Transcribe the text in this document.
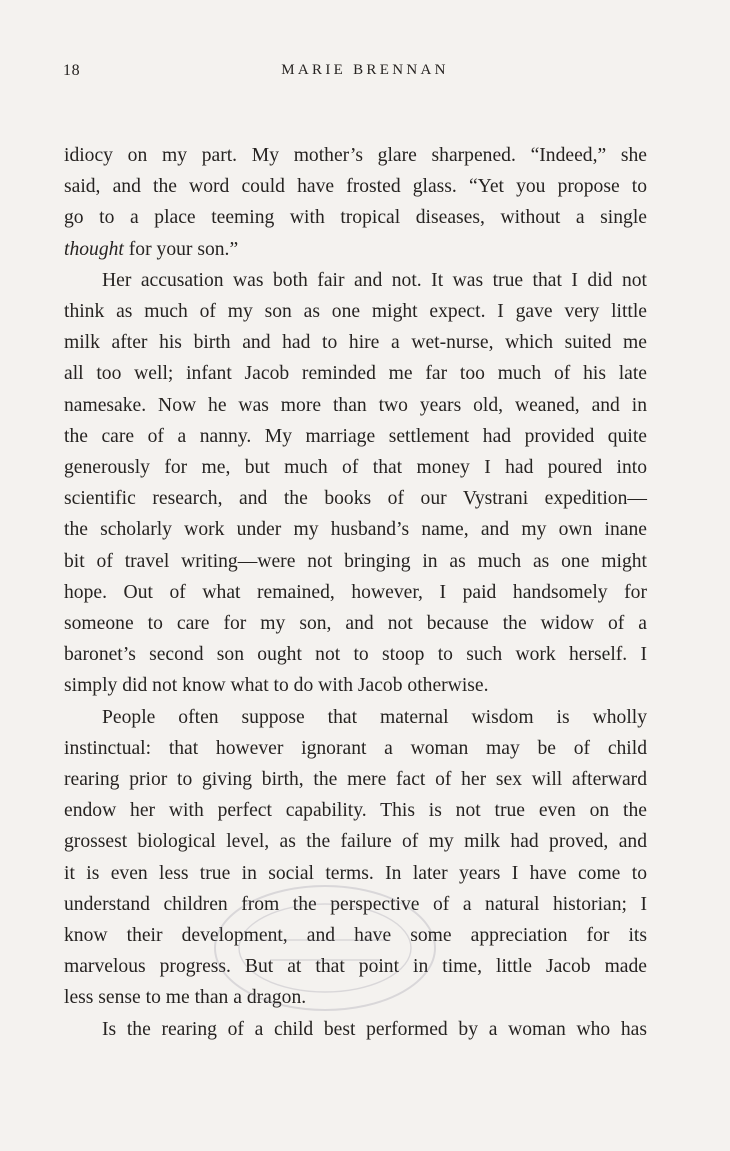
18	MARIE BRENNAN

idiocy on my part. My mother’s glare sharpened. “Indeed,” she
said, and the word could have frosted glass. “Yet you propose to
go to a place teeming with tropical diseases, without a single
thought for your son.”

Her accusation was both fair and not. It was true that I did not
think as much of my son as one might expect. I gave very little
milk after his birth and had to hire a wet-nurse, which suited me
all too well; infant Jacob reminded me far too much of his late
namesake. Now he was more than two years old, weaned, and in
the care of a nanny. My marriage settlement had provided quite
generously for me, but much of that money I had poured into
scientific research, and the books of our Vystrani expedition—
the scholarly work under my husband’s name, and my own inane
bit of travel writing—were not bringing in as much as one might
hope. Out of what remained, however, I paid handsomely for
someone to care for my son, and not because the widow of a
baronet’s second son ought not to stoop to such work herself. I
simply did not know what to do with Jacob otherwise.

People often suppose that maternal wisdom is wholly
instinctual: that however ignorant a woman may be of child
rearing prior to giving birth, the mere fact of her sex will afterward
endow her with perfect capability. This is not true even on the
grossest biological level, as the failure of my milk had proved, and
it is even less true in social terms. In later years I have come to
understand children from the perspective of a natural historian; I
know their development, and have some appreciation for its
marvelous progress. But at that point in time, little Jacob made
less sense to me than a dragon.

Is the rearing of a child best performed by a woman who has
